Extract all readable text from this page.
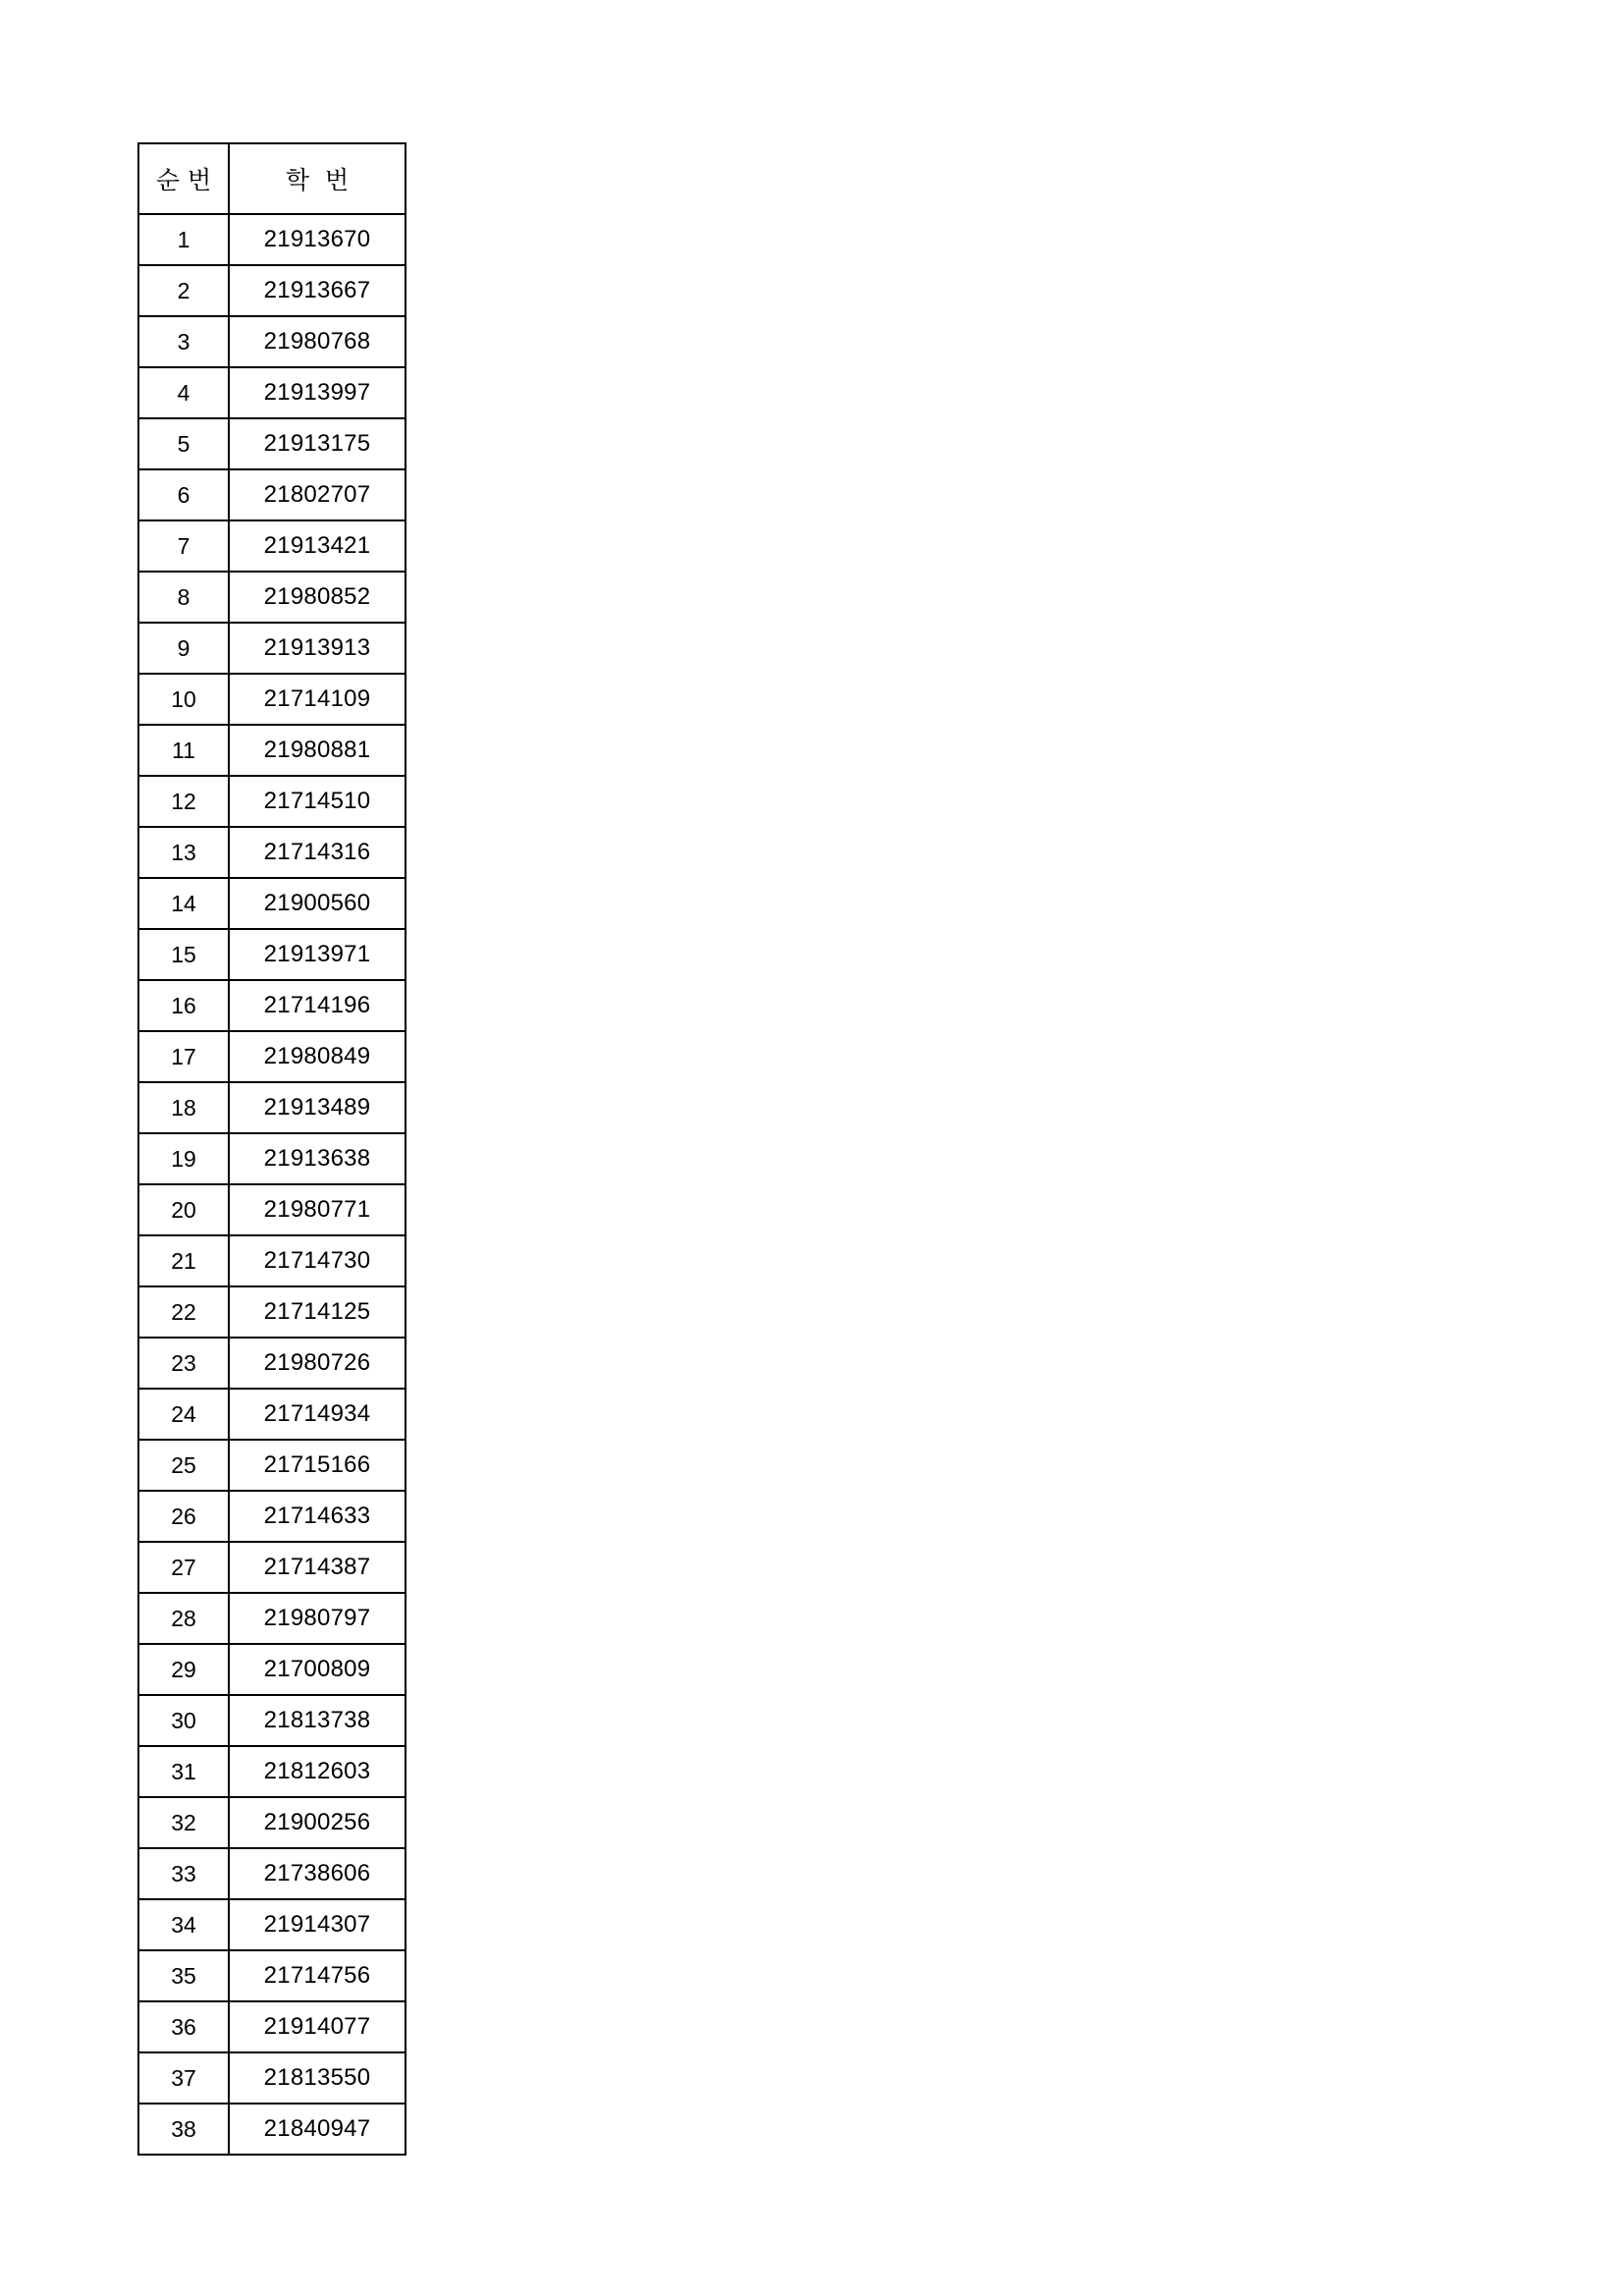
순 번	학 번
1	21913670
2	21913667
3	21980768
4	21913997
5	21913175
6	21802707
7	21913421
8	21980852
9	21913913
10	21714109
11	21980881
12	21714510
13	21714316
14	21900560
15	21913971
16	21714196
17	21980849
18	21913489
19	21913638
20	21980771
21	21714730
22	21714125
23	21980726
24	21714934
25	21715166
26	21714633
27	21714387
28	21980797
29	21700809
30	21813738
31	21812603
32	21900256
33	21738606
34	21914307
35	21714756
36	21914077
37	21813550
38	21840947
